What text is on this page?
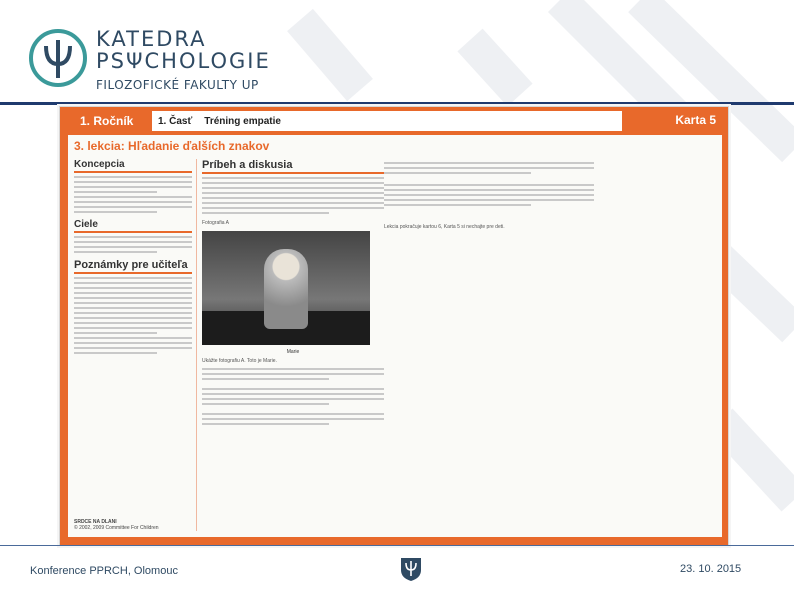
KATEDRA
PSΨCHOLOGIE
FILOZOFICKÉ FAKULTY UP
1. Ročník	1. Časť	Tréning empatie	Karta 5
3. lekcia: Hľadanie ďalších znakov
Koncepcia
Ciele
Poznámky pre učiteľa
SRDCE NA DLANI
© 2002, 2009 Committee For Children
Príbeh a diskusia
Fotografia A
Marie
Ukážte fotografiu A. Toto je Marie.
Lekcia pokračuje kartou 6, Karta 5 si nechajte pre deti.
Konference PPRCH, Olomouc	23. 10. 2015
